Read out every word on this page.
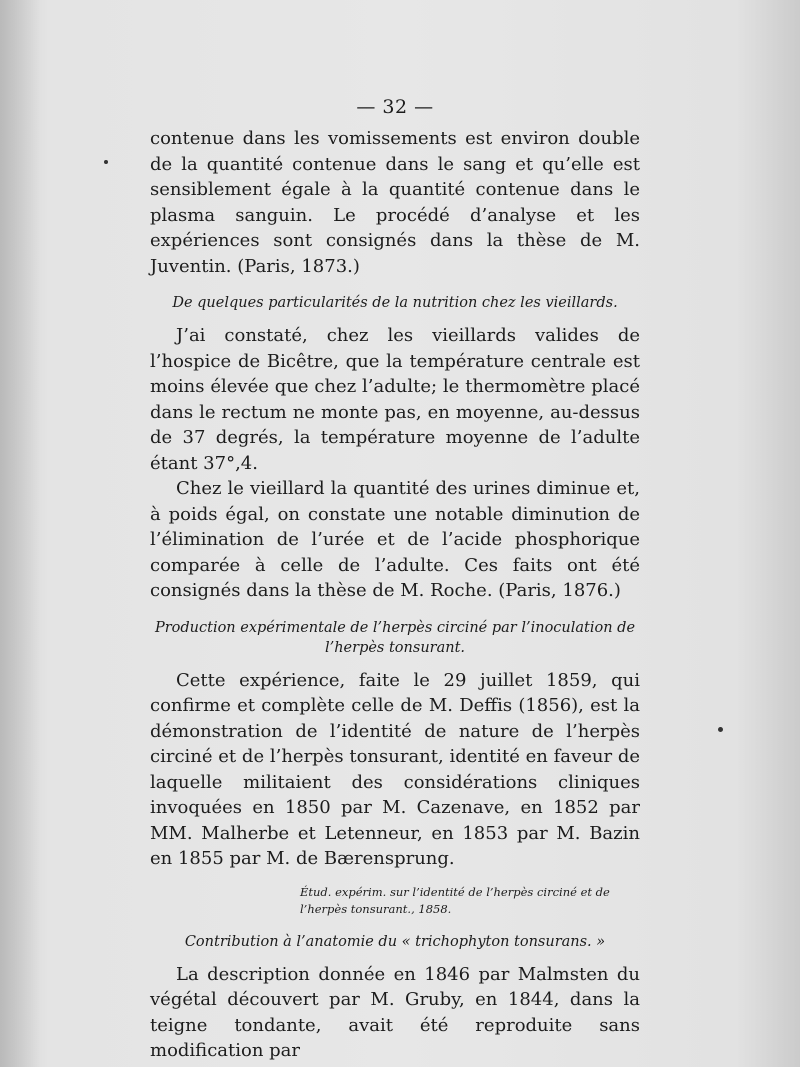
— 32 —

contenue dans les vomissements est environ double de la quantité contenue dans le sang et qu’elle est sensiblement égale à la quantité contenue dans le plasma sanguin. Le procédé d’analyse et les expériences sont consignés dans la thèse de M. Juventin. (Paris, 1873.)

De quelques particularités de la nutrition chez les vieillards.

J’ai constaté, chez les vieillards valides de l’hospice de Bicêtre, que la température centrale est moins élevée que chez l’adulte; le thermomètre placé dans le rectum ne monte pas, en moyenne, au-dessus de 37 degrés, la température moyenne de l’adulte étant 37°,4.

Chez le vieillard la quantité des urines diminue et, à poids égal, on constate une notable diminution de l’élimination de l’urée et de l’acide phosphorique comparée à celle de l’adulte. Ces faits ont été consignés dans la thèse de M. Roche. (Paris, 1876.)

Production expérimentale de l’herpès circiné par l’inoculation de l’herpès tonsurant.

Cette expérience, faite le 29 juillet 1859, qui confirme et complète celle de M. Deffis (1856), est la démonstration de l’identité de nature de l’herpès circiné et de l’herpès tonsurant, identité en faveur de laquelle militaient des considérations cliniques invoquées en 1850 par M. Cazenave, en 1852 par MM. Malherbe et Letenneur, en 1853 par M. Bazin en 1855 par M. de Bærensprung.

Étud. expérim. sur l’identité de l’herpès circiné et de l’herpès tonsurant., 1858.
Contribution à l’anatomie du « trichophyton tonsurans. »

La description donnée en 1846 par Malmsten du végétal découvert par M. Gruby, en 1844, dans la teigne tondante, avait été reproduite sans modification par
